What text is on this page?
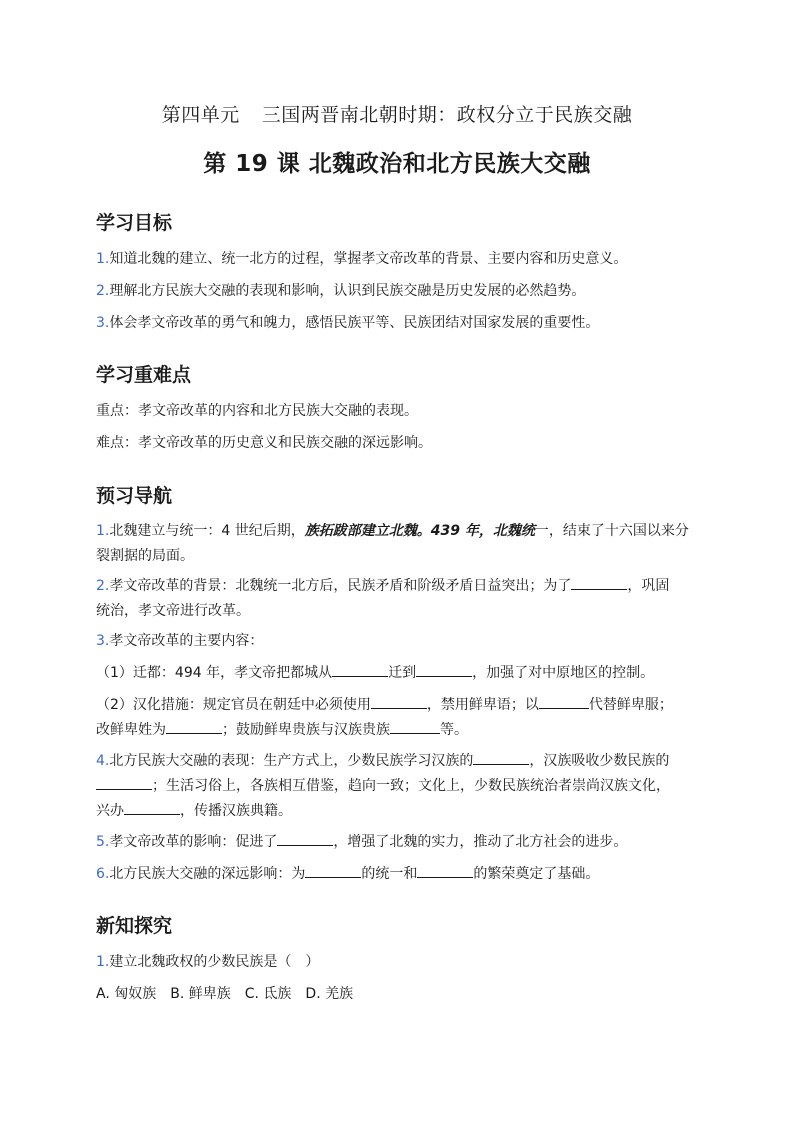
第四单元 三国两晋南北朝时期：政权分立于民族交融
第 19 课 北魏政治和北方民族大交融
学习目标
1.知道北魏的建立、统一北方的过程，掌握孝文帝改革的背景、主要内容和历史意义。
2.理解北方民族大交融的表现和影响，认识到民族交融是历史发展的必然趋势。
3.体会孝文帝改革的勇气和魄力，感悟民族平等、民族团结对国家发展的重要性。
学习重难点
重点：孝文帝改革的内容和北方民族大交融的表现。
难点：孝文帝改革的历史意义和民族交融的深远影响。
预习导航
1.北魏建立与统一：4 世纪后期，族拓跋部建立北魏。439 年，北魏统一，结束了十六国以来分
裂割据的局面。
2.孝文帝改革的背景：北魏统一北方后，民族矛盾和阶级矛盾日益突出；为了	，巩固
统治，孝文帝进行改革。
3.孝文帝改革的主要内容：
（1）迁都：494 年，孝文帝把都城从	迁到	，加强了对中原地区的控制。
（2）汉化措施：规定官员在朝廷中必须使用	，禁用鲜卑语；以	代替鲜卑服；
改鲜卑姓为	；鼓励鲜卑贵族与汉族贵族	等。
4.北方民族大交融的表现：生产方式上，少数民族学习汉族的	，汉族吸收少数民族的
；生活习俗上，各族相互借鉴，趋向一致；文化上，少数民族统治者崇尚汉族文化，
兴办	，传播汉族典籍。
5.孝文帝改革的影响：促进了	，增强了北魏的实力，推动了北方社会的进步。
6.北方民族大交融的深远影响：为	的统一和	的繁荣奠定了基础。
新知探究
1.建立北魏政权的少数民族是（　）
A. 匈奴族　B. 鲜卑族　C. 氐族　D. 羌族
